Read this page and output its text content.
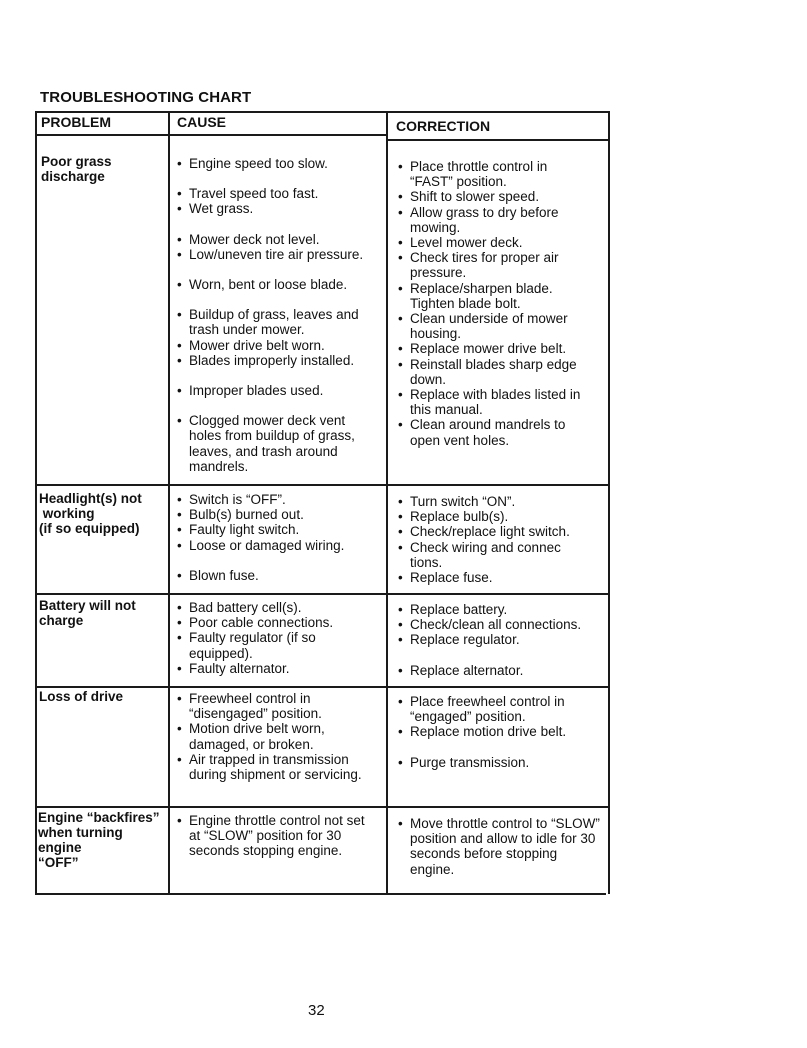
TROUBLESHOOTING CHART
PROBLEM	CAUSE	CORRECTION
Poor grass
discharge
• Engine speed too slow.
• Travel speed too fast.
• Wet grass.
• Mower deck not level.
• Low/uneven tire air pressure.
• Worn, bent or loose blade.
• Buildup of grass, leaves and trash under mower.
• Mower drive belt worn.
• Blades improperly installed.
• Improper blades used.
• Clogged mower deck vent holes from buildup of grass, leaves, and trash around mandrels.
• Place throttle control in “FAST” position.
• Shift to slower speed.
• Allow grass to dry before mowing.
• Level mower deck.
• Check tires for proper air pressure.
• Replace/sharpen blade. Tighten blade bolt.
• Clean underside of mower housing.
• Replace mower drive belt.
• Reinstall blades sharp edge down.
• Replace with blades listed in this manual.
• Clean around mandrels to open vent holes.
Headlight(s) not
working
(if so equipped)
• Switch is “OFF”.
• Bulb(s) burned out.
• Faulty light switch.
• Loose or damaged wiring.
• Blown fuse.
• Turn switch “ON”.
• Replace bulb(s).
• Check/replace light switch.
• Check wiring and connec tions.
• Replace fuse.
Battery will not
charge
• Bad battery cell(s).
• Poor cable connections.
• Faulty regulator (if so equipped).
• Faulty alternator.
• Replace battery.
• Check/clean all connections.
• Replace regulator.
• Replace alternator.
Loss of drive
•	Freewheel control in “disengaged” position.
• Motion drive belt worn, damaged, or broken.
• Air trapped in transmission during shipment or servicing.
• Place freewheel control in “engaged” position.
• Replace motion drive belt.
• Purge transmission.
Engine “backfires”
when turning
engine
“OFF”
• Engine throttle control not set at “SLOW” position for 30 seconds stopping engine.
• Move throttle control to “SLOW” position and allow to idle for 30 seconds before stopping engine.
32
